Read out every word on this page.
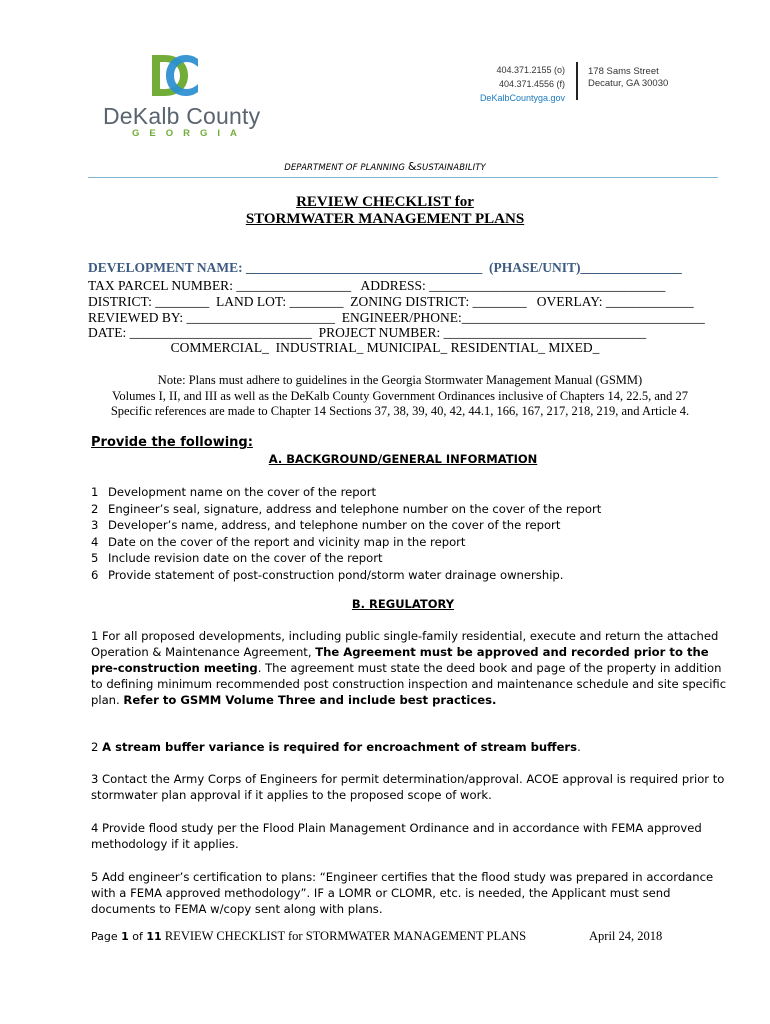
DeKalb County
GEORGIA
404.371.2155 (o)
404.371.4556 (f)
DeKalbCountyga.gov
178 Sams Street
Decatur, GA 30030
DEPARTMENT OF PLANNING &SUSTAINABILITY
REVIEW CHECKLIST for
STORMWATER MANAGEMENT PLANS
DEVELOPMENT NAME: ___________________________________  (PHASE/UNIT)_______________
TAX PARCEL NUMBER: _________________   ADDRESS: ___________________________________
DISTRICT: ________  LAND LOT: ________  ZONING DISTRICT: ________   OVERLAY: _____________
REVIEWED BY: ______________________  ENGINEER/PHONE:____________________________________
DATE: ___________________________  PROJECT NUMBER: ______________________________
COMMERCIAL_  INDUSTRIAL_ MUNICIPAL_ RESIDENTIAL_ MIXED_
Note: Plans must adhere to guidelines in the Georgia Stormwater Management Manual (GSMM)
Volumes I, II, and III as well as the DeKalb County Government Ordinances inclusive of Chapters 14, 22.5, and 27
Specific references are made to Chapter 14 Sections 37, 38, 39, 40, 42, 44.1, 166, 167, 217, 218, 219, and Article 4.
Provide the following:
A. BACKGROUND/GENERAL INFORMATION
1 Development name on the cover of the report
2 Engineer’s seal, signature, address and telephone number on the cover of the report
3 Developer’s name, address, and telephone number on the cover of the report
4 Date on the cover of the report and vicinity map in the report
5 Include revision date on the cover of the report
6 Provide statement of post-construction pond/storm water drainage ownership.
B. REGULATORY
1 For all proposed developments, including public single-family residential, execute and return the attached Operation & Maintenance Agreement, The Agreement must be approved and recorded prior to the pre-construction meeting. The agreement must state the deed book and page of the property in addition to defining minimum recommended post construction inspection and maintenance schedule and site specific plan. Refer to GSMM Volume Three and include best practices.
2 A stream buffer variance is required for encroachment of stream buffers.
3 Contact the Army Corps of Engineers for permit determination/approval. ACOE approval is required prior to stormwater plan approval if it applies to the proposed scope of work.
4 Provide flood study per the Flood Plain Management Ordinance and in accordance with FEMA approved methodology if it applies.
5 Add engineer’s certification to plans: “Engineer certifies that the flood study was prepared in accordance with a FEMA approved methodology”. IF a LOMR or CLOMR, etc. is needed, the Applicant must send documents to FEMA w/copy sent along with plans.
Page 1 of 11 REVIEW CHECKLIST for STORMWATER MANAGEMENT PLANS	April 24, 2018
